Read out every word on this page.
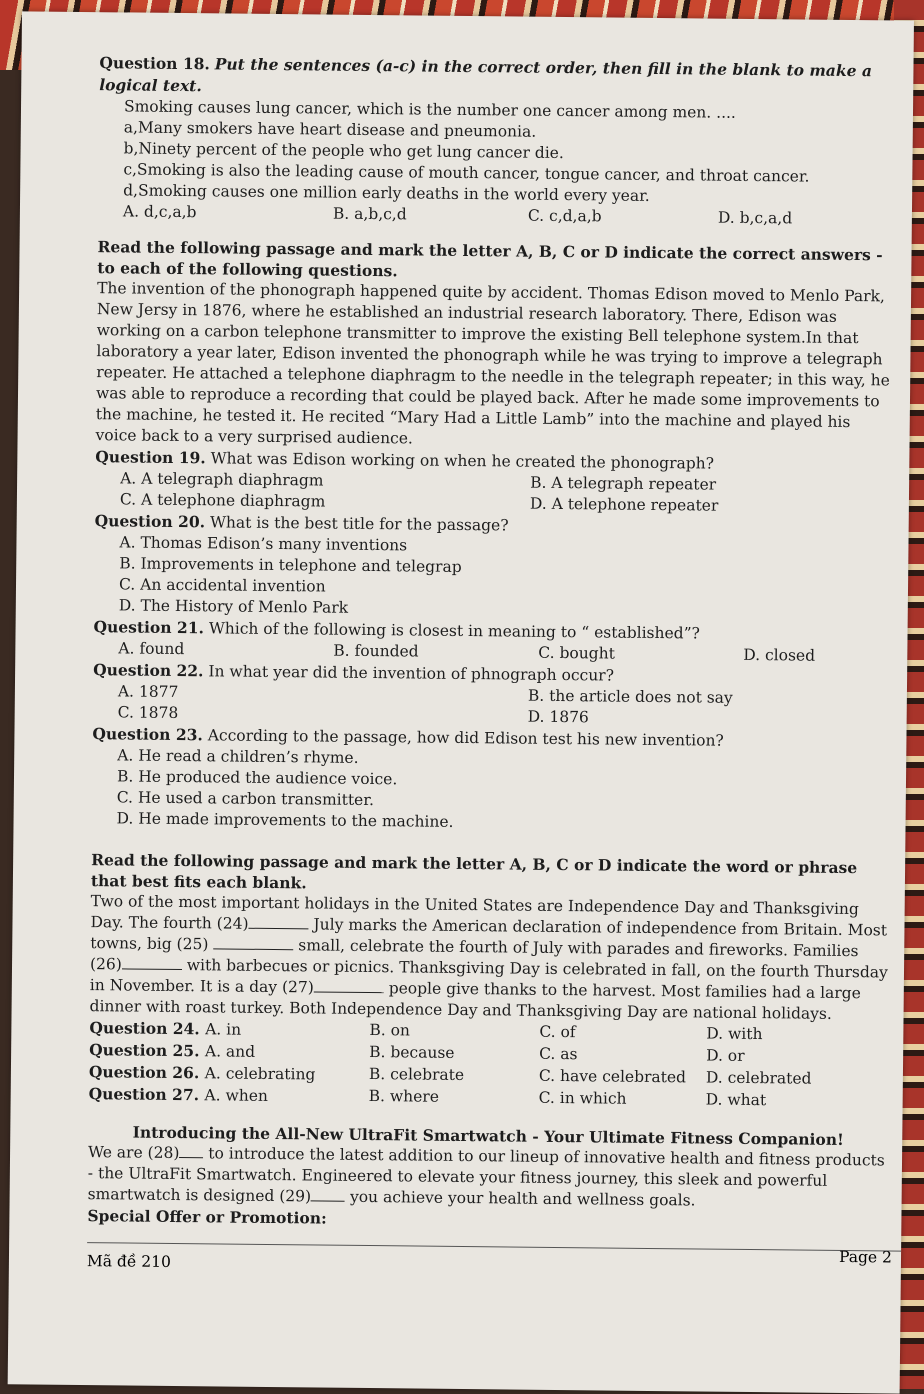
Question 18. Put the sentences (a-c) in the correct order, then fill in the blank to make a logical text.

Smoking causes lung cancer, which is the number one cancer among men. ....
a,Many smokers have heart disease and pneumonia.
b,Ninety percent of the people who get lung cancer die.
c,Smoking is also the leading cause of mouth cancer, tongue cancer, and throat cancer.
d,Smoking causes one million early deaths in the world every year.
A. d,c,a,b	B. a,b,c,d	C. c,d,a,b	D. b,c,a,d
Read the following passage and mark the letter A, B, C or D indicate the correct answers - to each of the following questions.

The invention of the phonograph happened quite by accident. Thomas Edison moved to Menlo Park, New Jersy in 1876, where he established an industrial research laboratory. There, Edison was working on a carbon telephone transmitter to improve the existing Bell telephone system.In that laboratory a year later, Edison invented the phonograph while he was trying to improve a telegraph repeater. He attached a telephone diaphragm to the needle in the telegraph repeater; in this way, he was able to reproduce a recording that could be played back. After he made some improvements to the machine, he tested it. He recited “Mary Had a Little Lamb” into the machine and played his voice back to a very surprised audience.

Question 19. What was Edison working on when he created the phonograph?

A. A telegraph diaphragm	B. A telegraph repeater
C. A telephone diaphragm	D. A telephone repeater

Question 20. What is the best title for the passage?

A. Thomas Edison’s many inventions
B. Improvements in telephone and telegrap
C. An accidental invention
D. The History of Menlo Park

Question 21. Which of the following is closest in meaning to “ established”?

A. found	B. founded	C. bought	D. closed

Question 22. In what year did the invention of phnograph occur?

A. 1877	B. the article does not say
C. 1878	D. 1876

Question 23. According to the passage, how did Edison test his new invention?

A. He read a children’s rhyme.
B. He produced the audience voice.
C. He used a carbon transmitter.
D. He made improvements to the machine.
Read the following passage and mark the letter A, B, C or D indicate the word or phrase that best fits each blank.

Two of the most important holidays in the United States are Independence Day and Thanksgiving Day. The fourth (24)	July marks the American declaration of independence from Britain. Most towns, big (25)	small, celebrate the fourth of July with parades and fireworks. Families (26)	with barbecues or picnics. Thanksgiving Day is celebrated in fall, on the fourth Thursday in November. It is a day (27)	people give thanks to the harvest. Most families had a large dinner with roast turkey. Both Independence Day and Thanksgiving Day are national holidays.

Question 24. A. in	B. on	C. of	D. with
Question 25. A. and	B. because	C. as	D. or
Question 26. A. celebrating	B. celebrate	C. have celebrated	D. celebrated
Question 27. A. when	B. where	C. in which	D. what
Introducing the All-New UltraFit Smartwatch - Your Ultimate Fitness Companion!

We are (28) to introduce the latest addition to our lineup of innovative health and fitness products - the UltraFit Smartwatch. Engineered to elevate your fitness journey, this sleek and powerful smartwatch is designed (29) you achieve your health and wellness goals.

Special Offer or Promotion:
Mã đề 210	Page 2
